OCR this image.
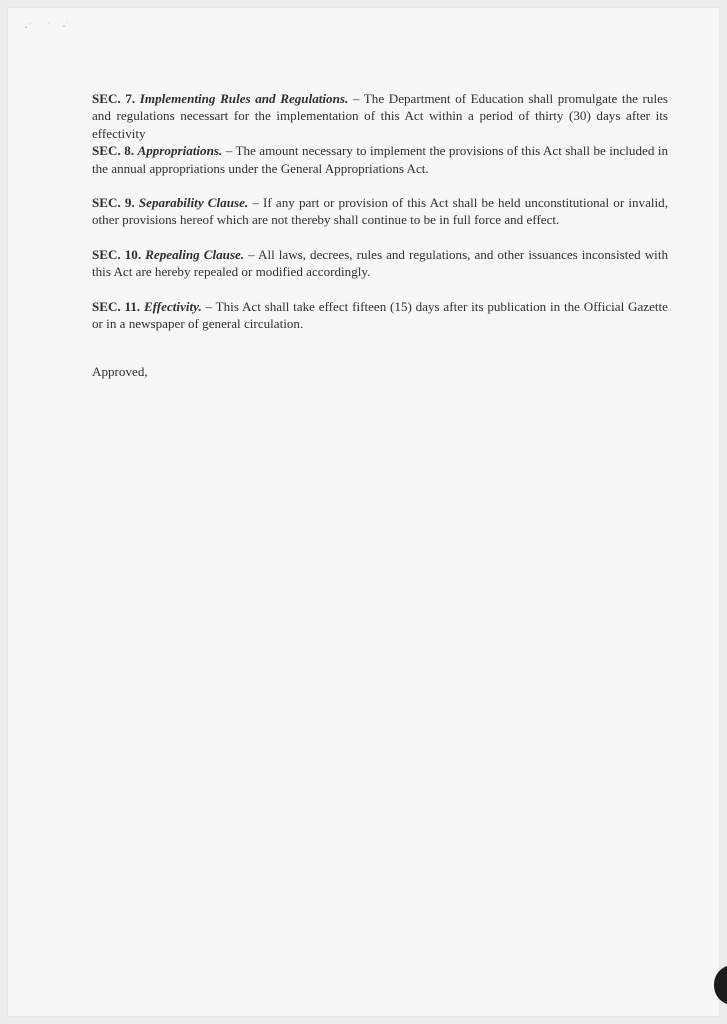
SEC. 7. Implementing Rules and Regulations. – The Department of Education shall promulgate the rules and regulations necessart for the implementation of this Act within a period of thirty (30) days after its effectivity

SEC. 8. Appropriations. – The amount necessary to implement the provisions of this Act shall be included in the annual appropriations under the General Appropriations Act.

SEC. 9. Separability Clause. – If any part or provision of this Act shall be held unconstitutional or invalid, other provisions hereof which are not thereby shall continue to be in full force and effect.

SEC. 10. Repealing Clause. – All laws, decrees, rules and regulations, and other issuances inconsisted with this Act are hereby repealed or modified accordingly.

SEC. 11. Effectivity. – This Act shall take effect fifteen (15) days after its publication in the Official Gazette or in a newspaper of general circulation.

Approved,
